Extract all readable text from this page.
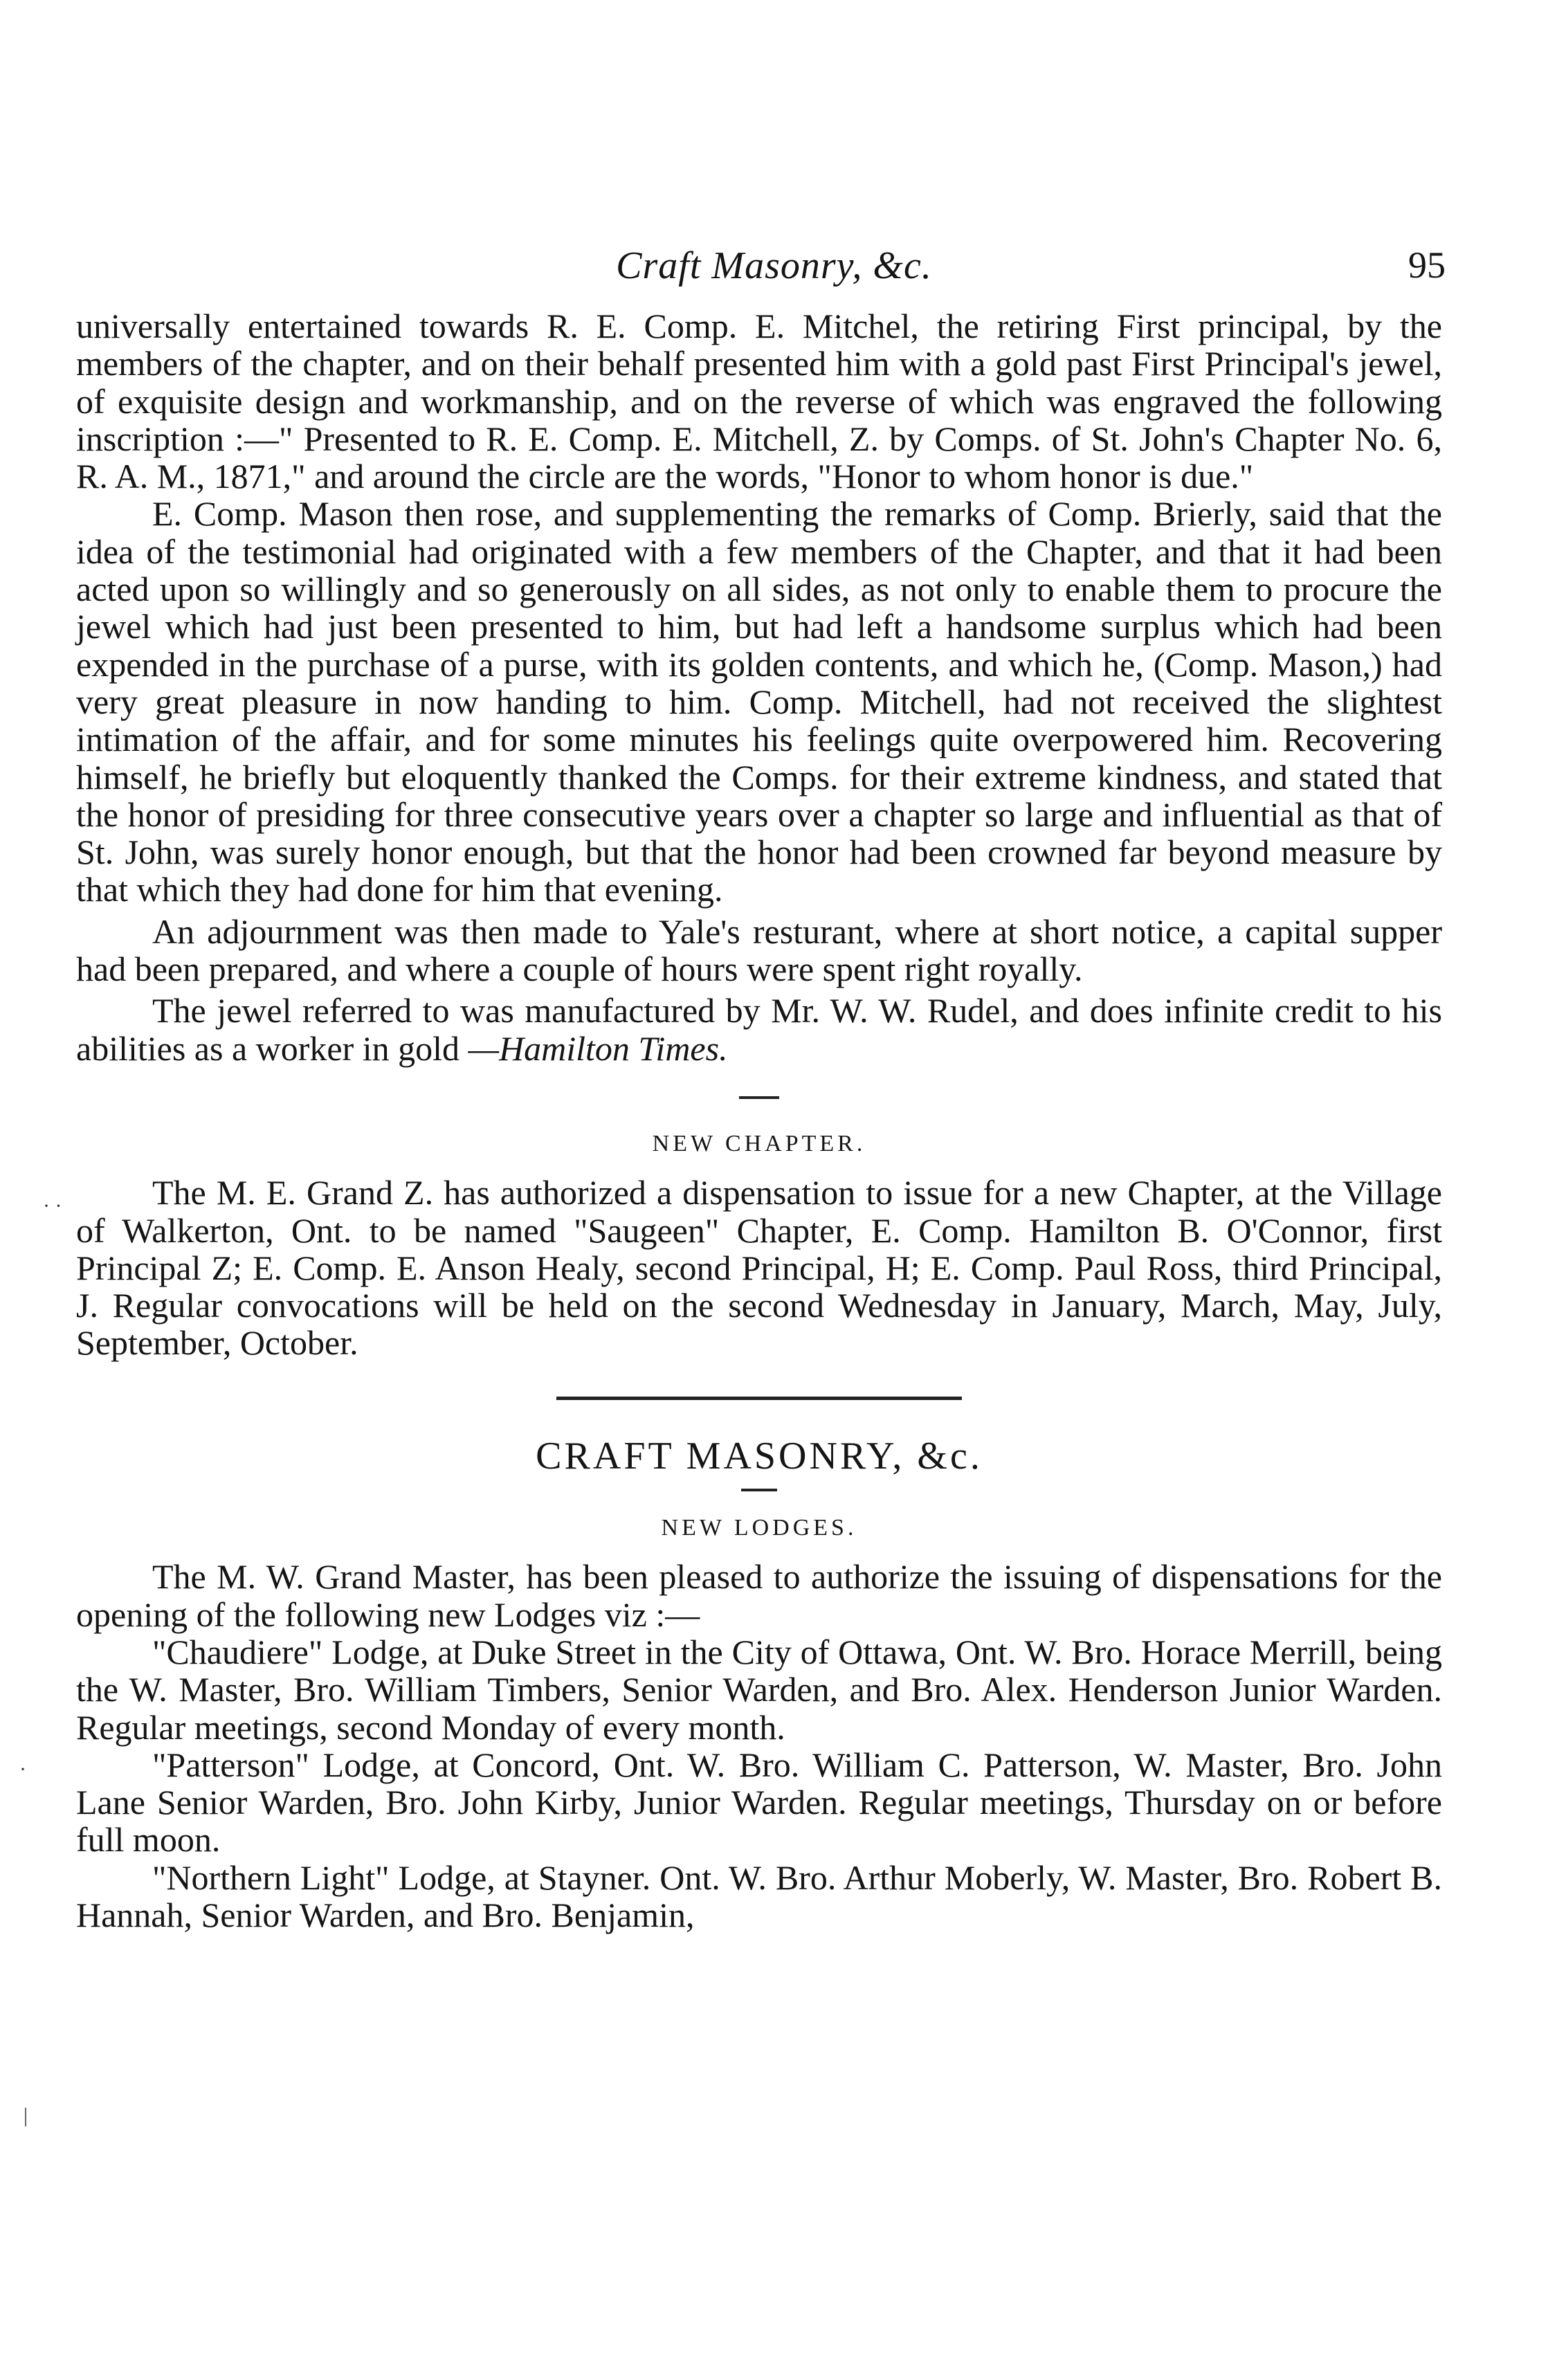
Craft Masonry, &c.	95
· ·
·
|

universally entertained towards R. E. Comp. E. Mitchel, the retiring First principal, by the members of the chapter, and on their behalf presented him with a gold past First Principal's jewel, of exquisite design and workmanship, and on the reverse of which was engraved the following inscription :—" Presented to R. E. Comp. E. Mitchell, Z. by Comps. of St. John's Chapter No. 6, R. A. M., 1871," and around the circle are the words, "Honor to whom honor is due."

E. Comp. Mason then rose, and supplementing the remarks of Comp. Brierly, said that the idea of the testimonial had originated with a few members of the Chapter, and that it had been acted upon so willingly and so generously on all sides, as not only to enable them to procure the jewel which had just been presented to him, but had left a handsome surplus which had been expended in the purchase of a purse, with its golden contents, and which he, (Comp. Mason,) had very great pleasure in now handing to him. Comp. Mitchell, had not received the slightest intimation of the affair, and for some minutes his feelings quite overpowered him. Recovering himself, he briefly but eloquently thanked the Comps. for their extreme kindness, and stated that the honor of presiding for three consecutive years over a chapter so large and influential as that of St. John, was surely honor enough, but that the honor had been crowned far beyond measure by that which they had done for him that evening.

An adjournment was then made to Yale's resturant, where at short notice, a capital supper had been prepared, and where a couple of hours were spent right royally.

The jewel referred to was manufactured by Mr. W. W. Rudel, and does infinite credit to his abilities as a worker in gold —Hamilton Times.

NEW CHAPTER.

The M. E. Grand Z. has authorized a dispensation to issue for a new Chapter, at the Village of Walkerton, Ont. to be named "Saugeen" Chapter, E. Comp. Hamilton B. O'Connor, first Principal Z; E. Comp. E. Anson Healy, second Principal, H; E. Comp. Paul Ross, third Principal, J. Regular convocations will be held on the second Wednesday in January, March, May, July, September, October.

CRAFT MASONRY, &c.

NEW LODGES.

The M. W. Grand Master, has been pleased to authorize the issuing of dispensations for the opening of the following new Lodges viz :—

"Chaudiere" Lodge, at Duke Street in the City of Ottawa, Ont. W. Bro. Horace Merrill, being the W. Master, Bro. William Timbers, Senior Warden, and Bro. Alex. Henderson Junior Warden. Regular meetings, second Monday of every month.

"Patterson" Lodge, at Concord, Ont. W. Bro. William C. Patterson, W. Master, Bro. John Lane Senior Warden, Bro. John Kirby, Junior Warden. Regular meetings, Thursday on or before full moon.

"Northern Light" Lodge, at Stayner. Ont. W. Bro. Arthur Moberly, W. Master, Bro. Robert B. Hannah, Senior Warden, and Bro. Benjamin,
